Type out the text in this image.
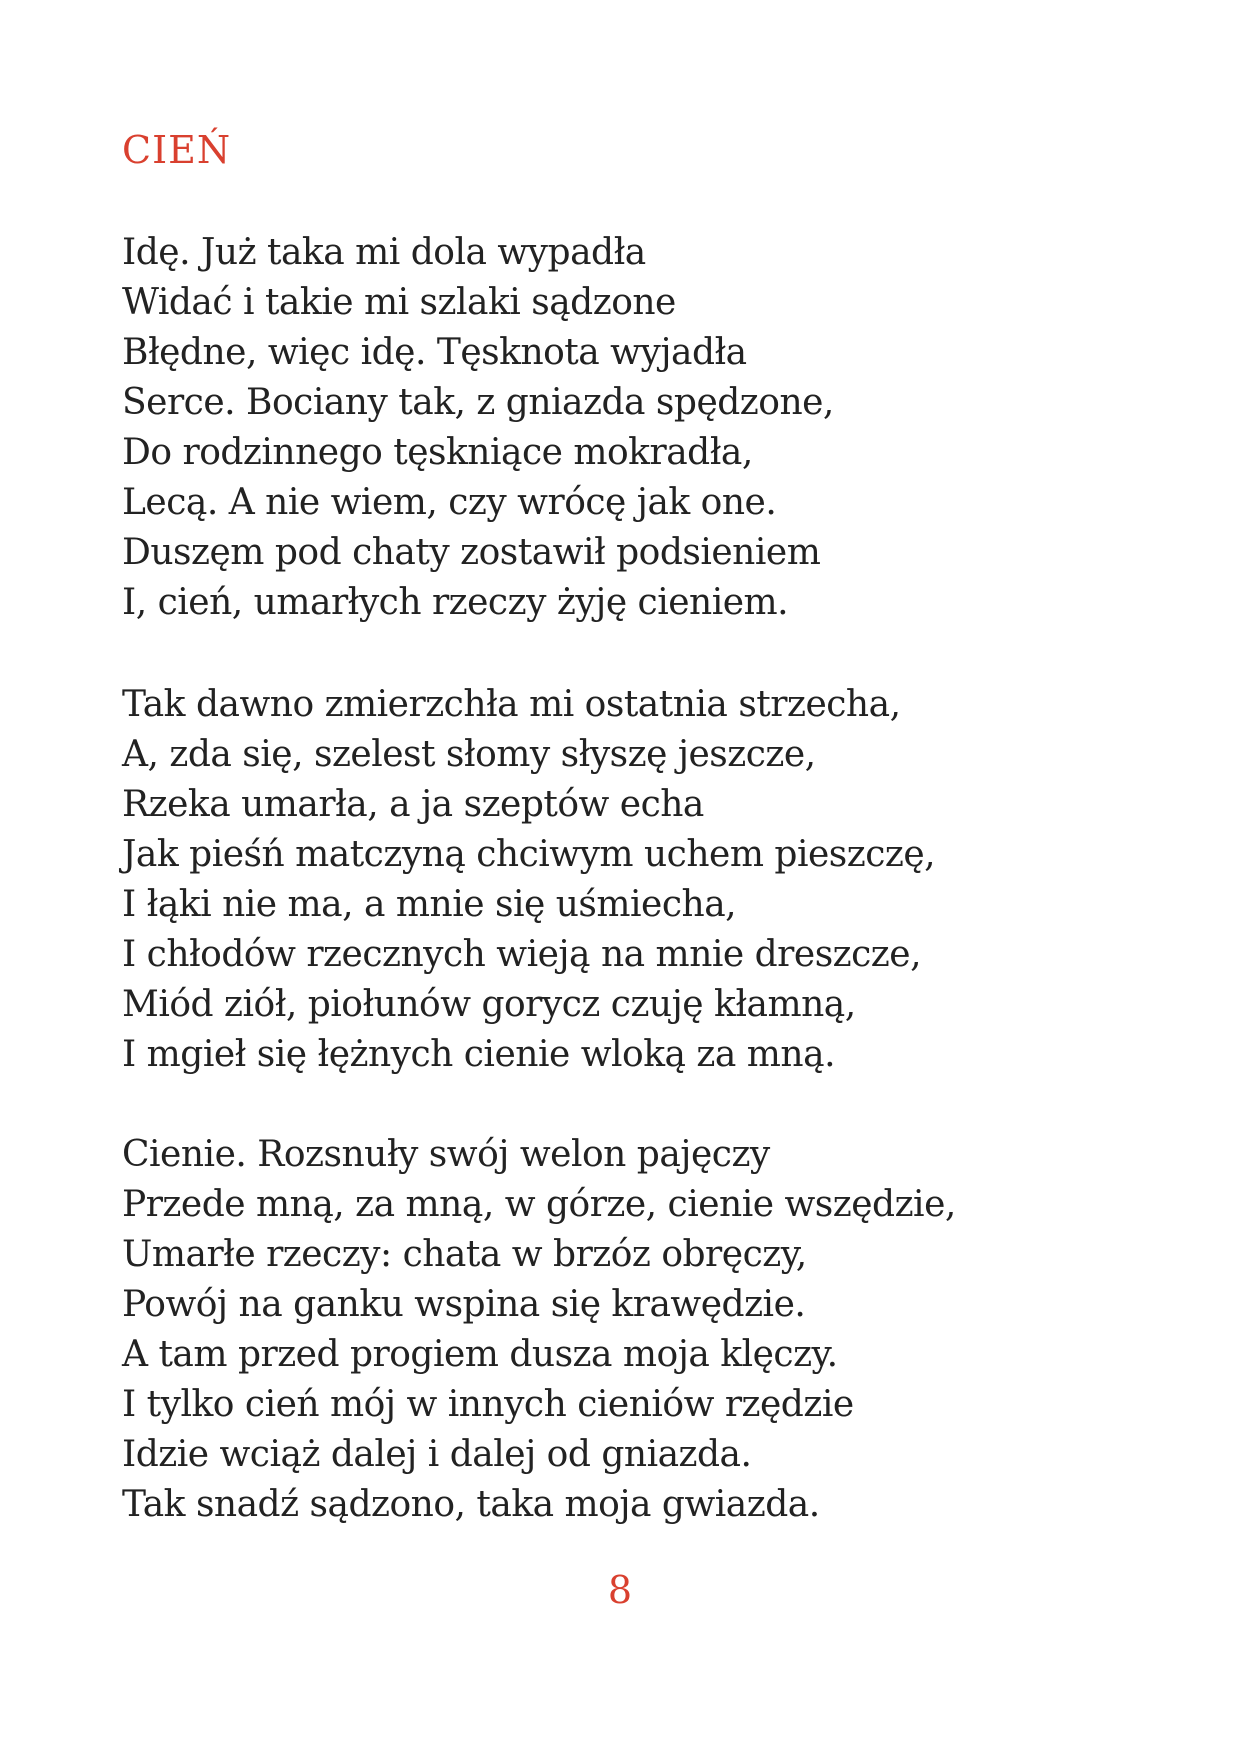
CIEŃ
Idę. Już taka mi dola wypadła
Widać i takie mi szlaki sądzone
Błędne, więc idę. Tęsknota wyjadła
Serce. Bociany tak, z gniazda spędzone,
Do rodzinnego tęskniące mokradła,
Lecą. A nie wiem, czy wrócę jak one.
Duszęm pod chaty zostawił podsieniem
I, cień, umarłych rzeczy żyję cieniem.
Tak dawno zmierzchła mi ostatnia strzecha,
A, zda się, szelest słomy słyszę jeszcze,
Rzeka umarła, a ja szeptów echa
Jak pieśń matczyną chciwym uchem pieszczę,
I łąki nie ma, a mnie się uśmiecha,
I chłodów rzecznych wieją na mnie dreszcze,
Miód ziół, piołunów gorycz czuję kłamną,
I mgieł się łężnych cienie wloką za mną.
Cienie. Rozsnuły swój welon pajęczy
Przede mną, za mną, w górze, cienie wszędzie,
Umarłe rzeczy: chata w brzóz obręczy,
Powój na ganku wspina się krawędzie.
A tam przed progiem dusza moja klęczy.
I tylko cień mój w innych cieniów rzędzie
Idzie wciąż dalej i dalej od gniazda.
Tak snadź sądzono, taka moja gwiazda.

8
